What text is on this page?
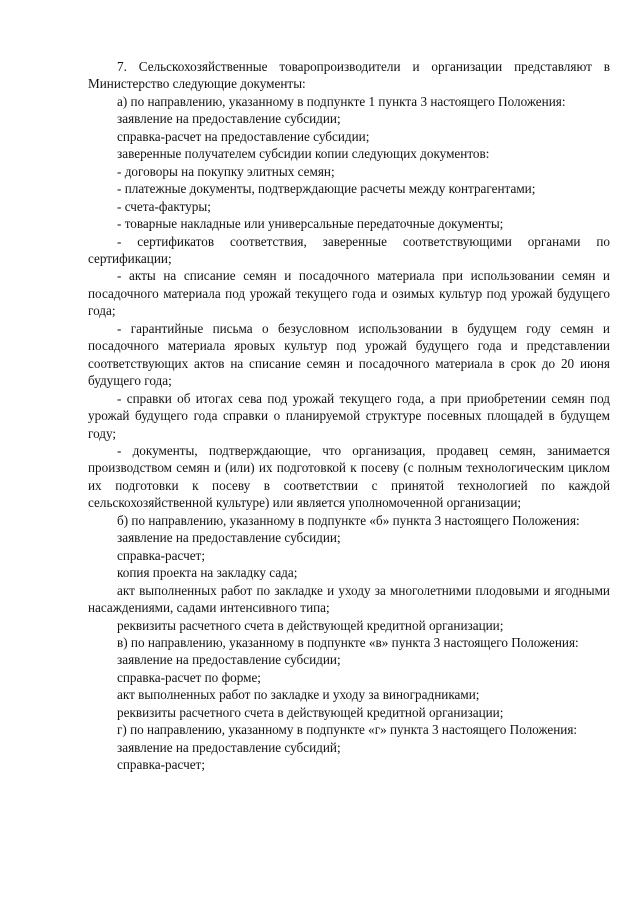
7. Сельскохозяйственные товаропроизводители и организации представляют в Министерство следующие документы:

а) по направлению, указанному в подпункте 1 пункта 3 настоящего Положения:

заявление на предоставление субсидии;

справка-расчет на предоставление субсидии;

заверенные получателем субсидии копии следующих документов:

- договоры на покупку элитных семян;

- платежные документы, подтверждающие расчеты между контрагентами;

- счета-фактуры;

- товарные накладные или универсальные передаточные документы;

- сертификатов соответствия, заверенные соответствующими органами по сертификации;

- акты на списание семян и посадочного материала при использовании семян и посадочного материала под урожай текущего года и озимых культур под урожай будущего года;

- гарантийные письма о безусловном использовании в будущем году семян и посадочного материала яровых культур под урожай будущего года и представлении соответствующих актов на списание семян и посадочного материала в срок до 20 июня будущего года;

- справки об итогах сева под урожай текущего года, а при приобретении семян под урожай будущего года справки о планируемой структуре посевных площадей в будущем году;

- документы, подтверждающие, что организация, продавец семян, занимается производством семян и (или) их подготовкой к посеву (с полным технологическим циклом их подготовки к посеву в соответствии с принятой технологией по каждой сельскохозяйственной культуре) или является уполномоченной организации;

б) по направлению, указанному в подпункте «б» пункта 3 настоящего Положения:

заявление на предоставление субсидии;

справка-расчет;

копия проекта на закладку сада;

акт выполненных работ по закладке и уходу за многолетними плодовыми и ягодными насаждениями, садами интенсивного типа;

реквизиты расчетного счета в действующей кредитной организации;

в) по направлению, указанному в подпункте «в» пункта 3 настоящего Положения:

заявление на предоставление субсидии;

справка-расчет по форме;

акт выполненных работ по закладке и уходу за виноградниками;

реквизиты расчетного счета в действующей кредитной организации;

г) по направлению, указанному в подпункте «г» пункта 3 настоящего Положения:

заявление на предоставление субсидий;

справка-расчет;
